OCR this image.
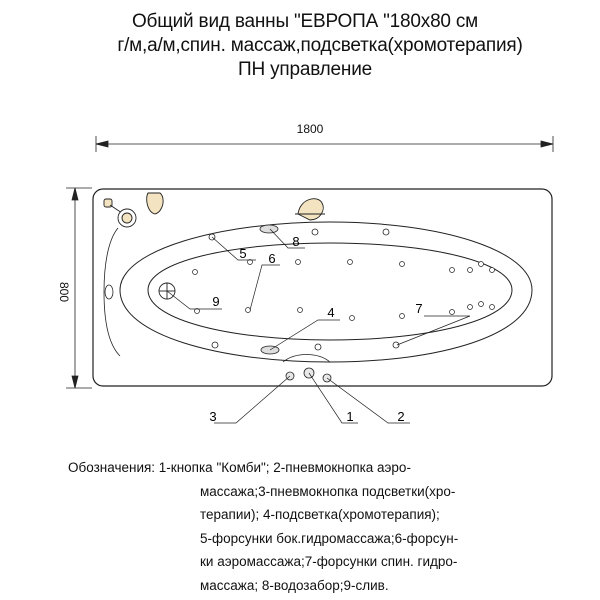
Общий вид ванны "ЕВРОПА "180x80 см
г/м,а/м,спин. массаж,подсветка(хромотерапия)
ПН управление
1800
800
1	2
3
4
5 6
7
8
9
Обозначения: 1-кнопка "Комби"; 2-пневмокнопка аэро-
массажа;3-пневмокнопка подсветки(хро-
терапии); 4-подсветка(хромотерапия);
5-форсунки бок.гидромассажа;6-форсун-
ки аэромассажа;7-форсунки спин. гидро-
массажа; 8-водозабор;9-слив.
